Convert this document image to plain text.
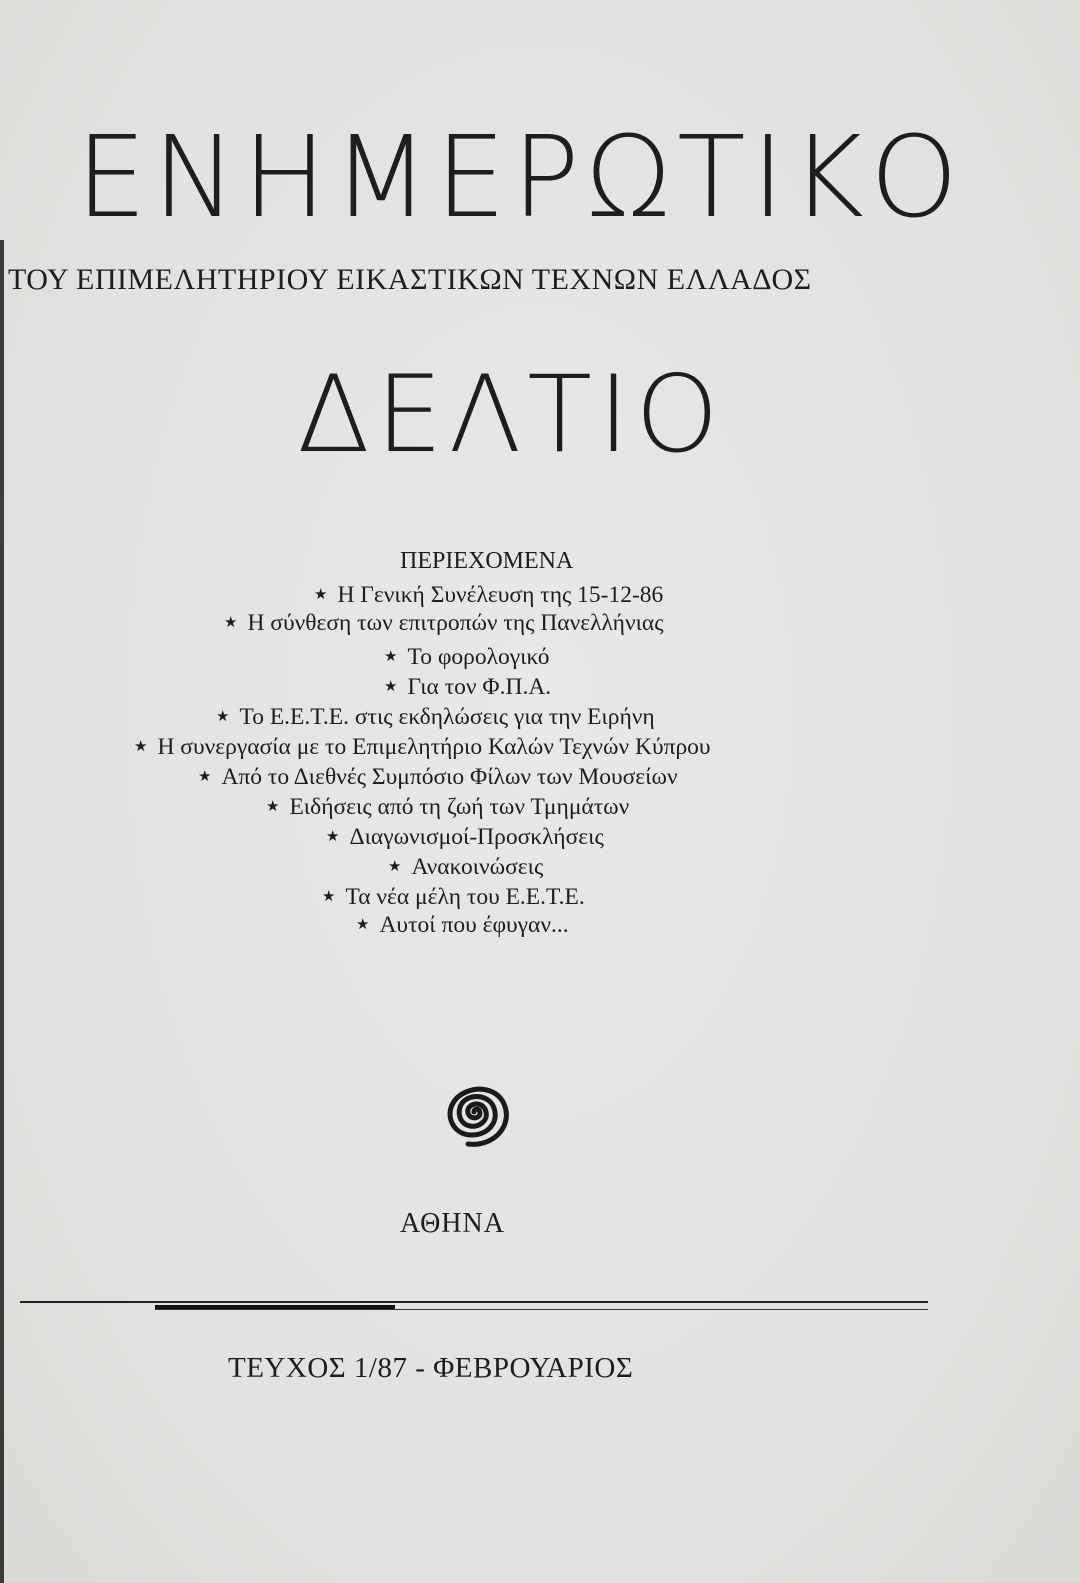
ΕΝΗΜΕΡΩΤΙΚΟ
ΤΟΥ ΕΠΙΜΕΛΗΤΗΡΙΟΥ ΕΙΚΑΣΤΙΚΩΝ ΤΕΧΝΩΝ ΕΛΛΑΔΟΣ
ΔΕΛΤΙΟ
ΠΕΡΙΕΧΟΜΕΝΑ
★ Η Γενική Συνέλευση της 15-12-86
★ Η σύνθεση των επιτροπών της Πανελλήνιας
★ Το φορολογικό
★ Για τον Φ.Π.Α.
★ Το Ε.Ε.Τ.Ε. στις εκδηλώσεις για την Ειρήνη
★ Η συνεργασία με το Επιμελητήριο Καλών Τεχνών Κύπρου
★ Από το Διεθνές Συμπόσιο Φίλων των Μουσείων
★ Ειδήσεις από τη ζωή των Τμημάτων
★ Διαγωνισμοί-Προσκλήσεις
★ Ανακοινώσεις
★ Τα νέα μέλη του Ε.Ε.Τ.Ε.
★ Αυτοί που έφυγαν...
ΑΘΗΝΑ
ΤΕΥΧΟΣ 1/87 - ΦΕΒΡΟΥΑΡΙΟΣ
